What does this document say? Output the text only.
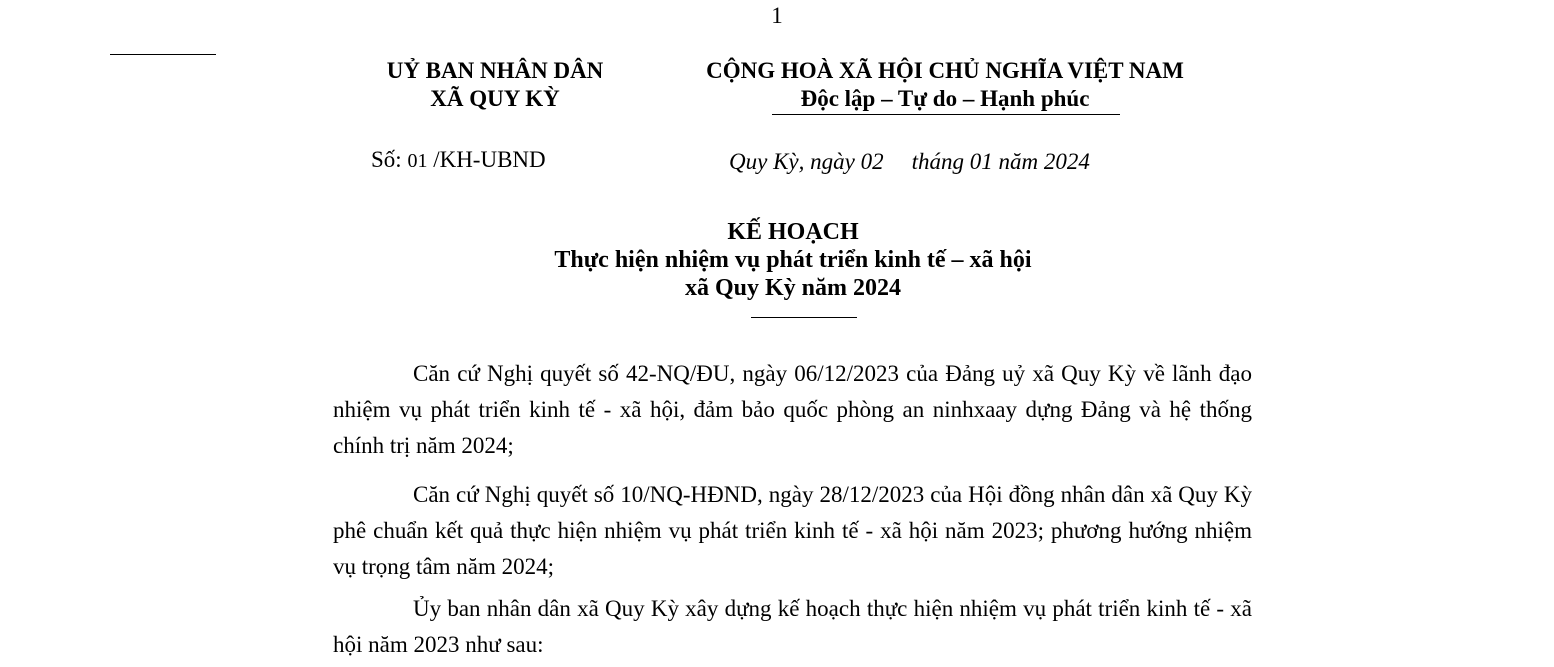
1
UỶ BAN NHÂN DÂN
XÃ QUY KỲ
CỘNG HOÀ XÃ HỘI CHỦ NGHĨA VIỆT NAM
Độc lập – Tự do – Hạnh phúc
Số: 01 /KH-UBND	Quy Kỳ, ngày 02 tháng 01 năm 2024
KẾ HOẠCH
Thực hiện nhiệm vụ phát triển kinh tế – xã hội
xã Quy Kỳ năm 2024
Căn cứ Nghị quyết số 42-NQ/ĐU, ngày 06/12/2023 của Đảng uỷ xã Quy Kỳ về lãnh đạo nhiệm vụ phát triển kinh tế - xã hội, đảm bảo quốc phòng an ninhxaay dựng Đảng và hệ thống chính trị năm 2024;
Căn cứ Nghị quyết số 10/NQ-HĐND, ngày 28/12/2023 của Hội đồng nhân dân xã Quy Kỳ phê chuẩn kết quả thực hiện nhiệm vụ phát triển kinh tế - xã hội năm 2023; phương hướng nhiệm vụ trọng tâm năm 2024;
Ủy ban nhân dân xã Quy Kỳ xây dựng kế hoạch thực hiện nhiệm vụ phát triển kinh tế - xã hội năm 2023 như sau:
